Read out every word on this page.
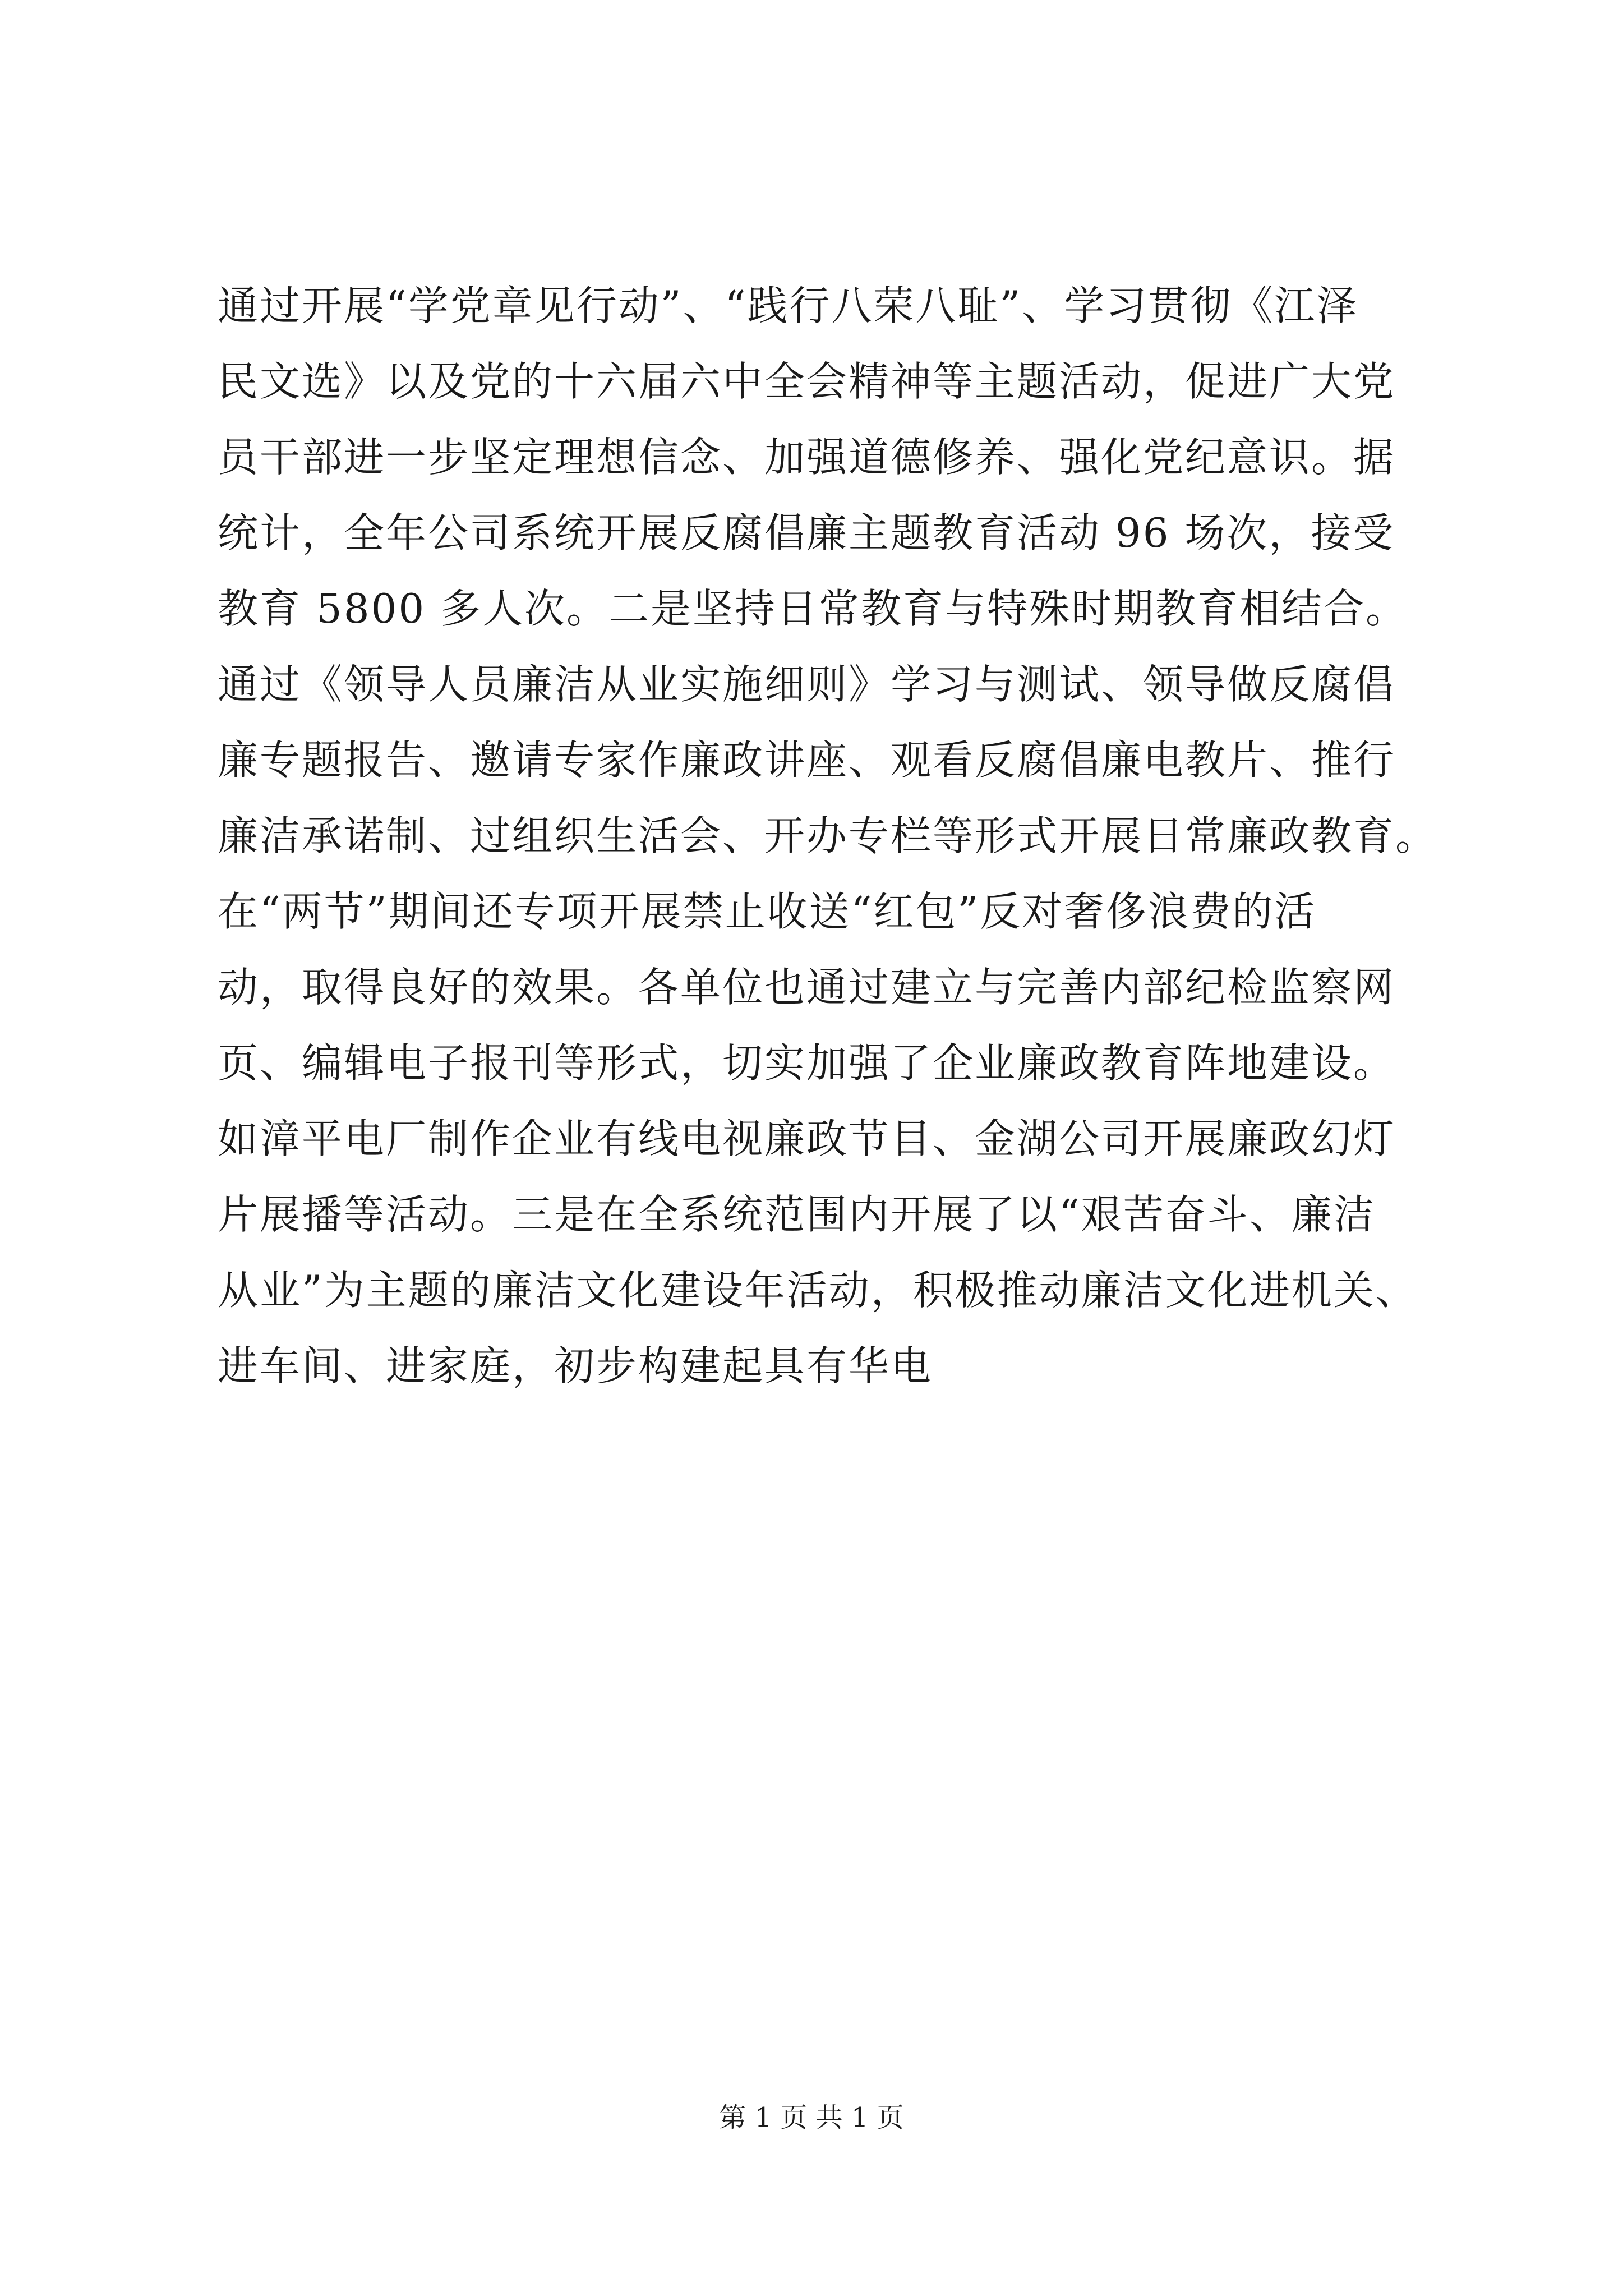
通过开展“学党章见行动”、“践行八荣八耻”、学习贯彻《江泽
民文选》以及党的十六届六中全会精神等主题活动，促进广大党
员干部进一步坚定理想信念、加强道德修养、强化党纪意识。据
统计，全年公司系统开展反腐倡廉主题教育活动 96 场次，接受
教育 5800 多人次。二是坚持日常教育与特殊时期教育相结合。
通过《领导人员廉洁从业实施细则》学习与测试、领导做反腐倡
廉专题报告、邀请专家作廉政讲座、观看反腐倡廉电教片、推行
廉洁承诺制、过组织生活会、开办专栏等形式开展日常廉政教育。
在“两节”期间还专项开展禁止收送“红包”反对奢侈浪费的活
动，取得良好的效果。各单位也通过建立与完善内部纪检监察网
页、编辑电子报刊等形式，切实加强了企业廉政教育阵地建设。
如漳平电厂制作企业有线电视廉政节目、金湖公司开展廉政幻灯
片展播等活动。三是在全系统范围内开展了以“艰苦奋斗、廉洁
从业”为主题的廉洁文化建设年活动，积极推动廉洁文化进机关、
进车间、进家庭，初步构建起具有华电
第 1 页 共 1 页
